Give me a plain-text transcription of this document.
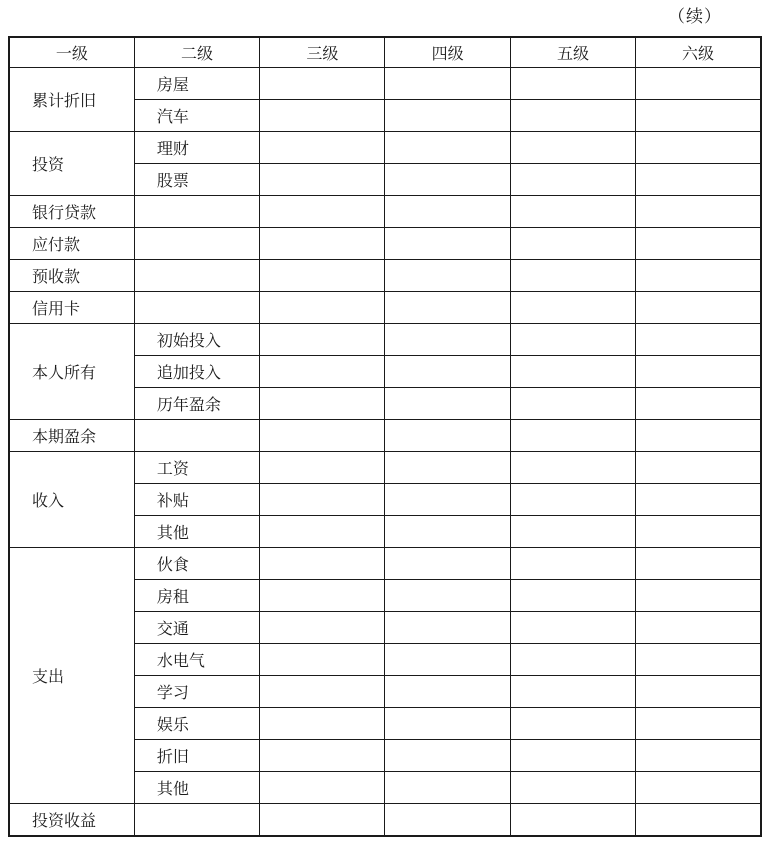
（续）
一级	二级	三级	四级	五级	六级
累计折旧	房屋				
	汽车				
投资	理财				
	股票				
银行贷款					
应付款					
预收款					
信用卡					
本人所有	初始投入				
	追加投入				
	历年盈余				
本期盈余					
收入	工资				
	补贴				
	其他				
支出	伙食				
	房租				
	交通				
	水电气				
	学习				
	娱乐				
	折旧				
	其他				
投资收益					
